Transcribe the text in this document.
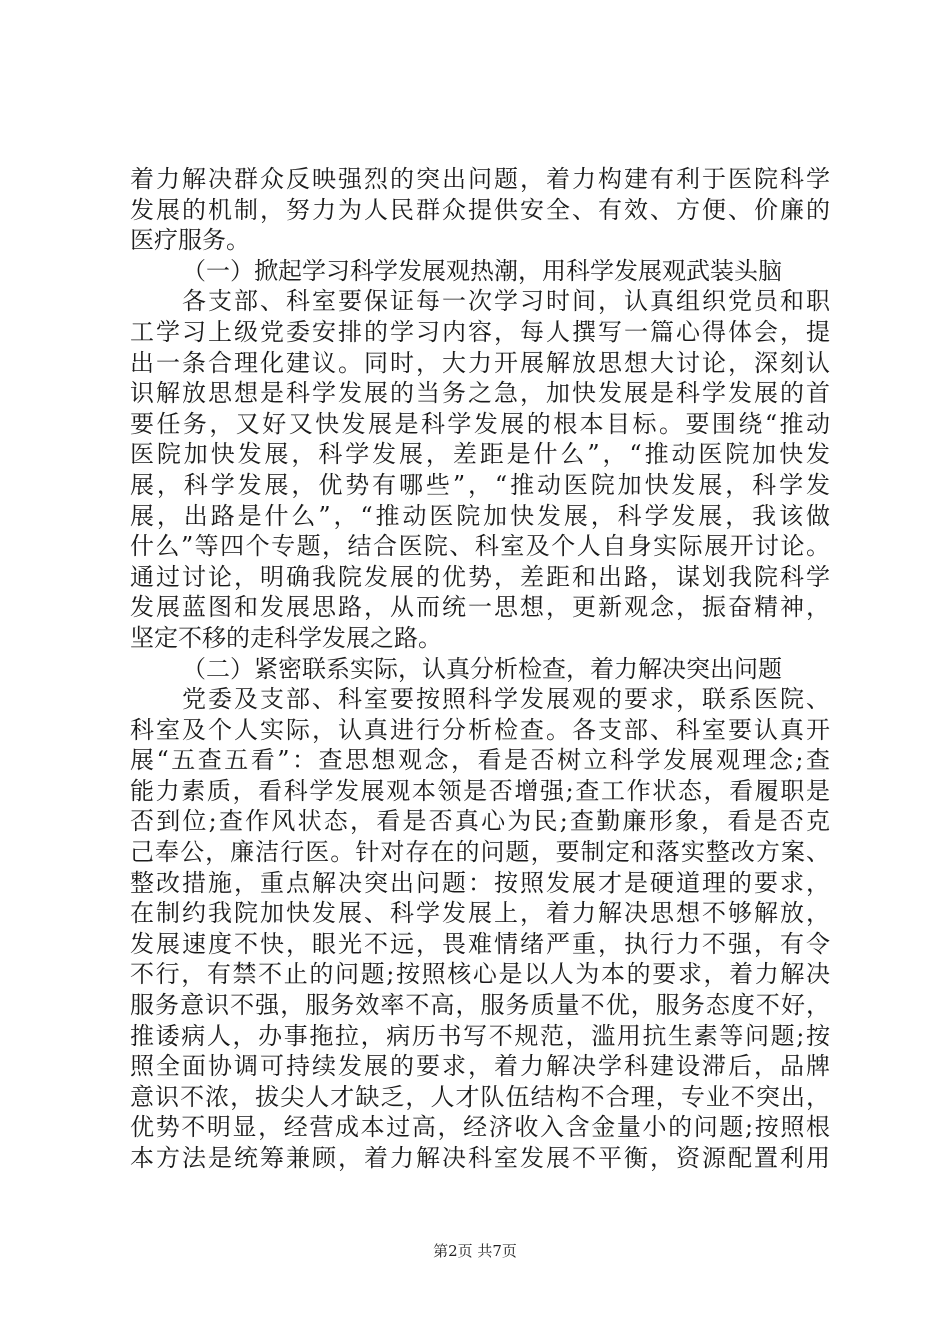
着力解决群众反映强烈的突出问题，着力构建有利于医院科学
发展的机制，努力为人民群众提供安全、有效、方便、价廉的
医疗服务。
（一）掀起学习科学发展观热潮，用科学发展观武装头脑
各支部、科室要保证每一次学习时间，认真组织党员和职
工学习上级党委安排的学习内容，每人撰写一篇心得体会，提
出一条合理化建议。同时，大力开展解放思想大讨论，深刻认
识解放思想是科学发展的当务之急，加快发展是科学发展的首
要任务，又好又快发展是科学发展的根本目标。要围绕“推动
医院加快发展，科学发展，差距是什么”，“推动医院加快发
展，科学发展，优势有哪些”，“推动医院加快发展，科学发
展，出路是什么”，“推动医院加快发展，科学发展，我该做
什么”等四个专题，结合医院、科室及个人自身实际展开讨论。
通过讨论，明确我院发展的优势，差距和出路，谋划我院科学
发展蓝图和发展思路，从而统一思想，更新观念，振奋精神，
坚定不移的走科学发展之路。
（二）紧密联系实际，认真分析检查，着力解决突出问题
党委及支部、科室要按照科学发展观的要求，联系医院、
科室及个人实际，认真进行分析检查。各支部、科室要认真开
展“五查五看”：查思想观念，看是否树立科学发展观理念;查
能力素质，看科学发展观本领是否增强;查工作状态，看履职是
否到位;查作风状态，看是否真心为民;查勤廉形象，看是否克
己奉公，廉洁行医。针对存在的问题，要制定和落实整改方案、
整改措施，重点解决突出问题：按照发展才是硬道理的要求，
在制约我院加快发展、科学发展上，着力解决思想不够解放，
发展速度不快，眼光不远，畏难情绪严重，执行力不强，有令
不行，有禁不止的问题;按照核心是以人为本的要求，着力解决
服务意识不强，服务效率不高，服务质量不优，服务态度不好，
推诿病人，办事拖拉，病历书写不规范，滥用抗生素等问题;按
照全面协调可持续发展的要求，着力解决学科建设滞后，品牌
意识不浓，拔尖人才缺乏，人才队伍结构不合理，专业不突出，
优势不明显，经营成本过高，经济收入含金量小的问题;按照根
本方法是统筹兼顾，着力解决科室发展不平衡，资源配置利用
第2页 共7页
